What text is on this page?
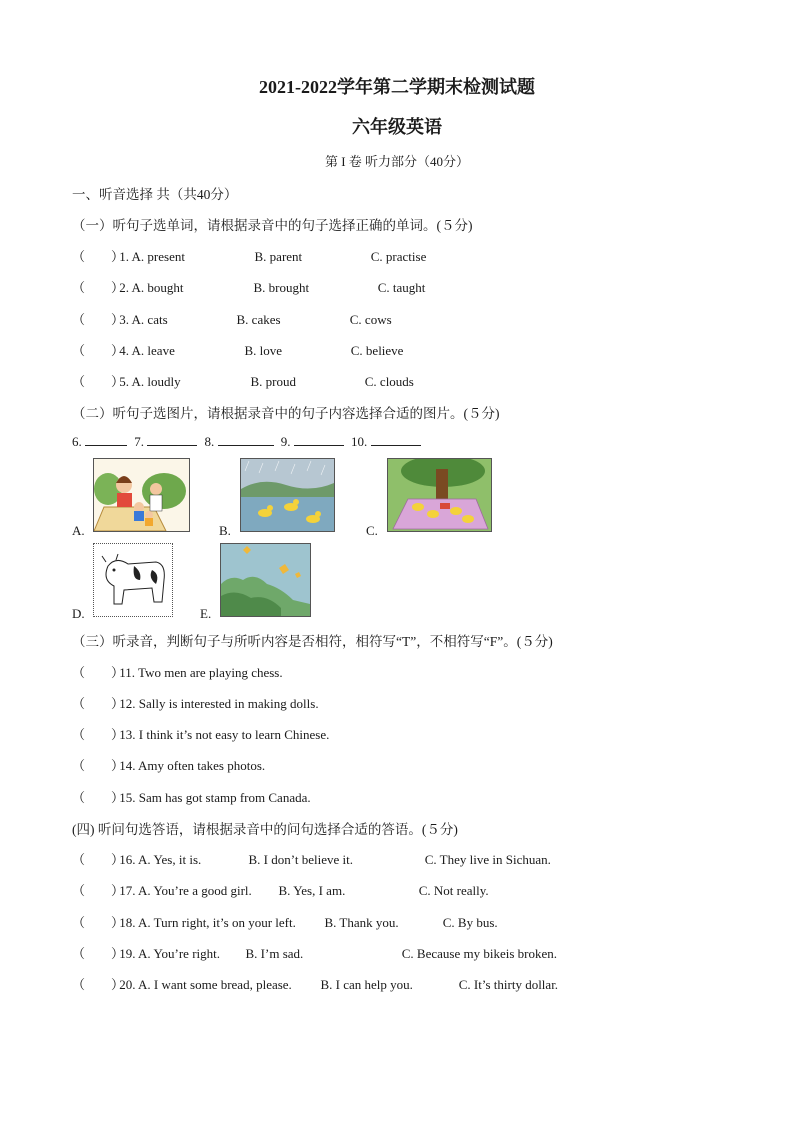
2021-2022学年第二学期末检测试题
六年级英语
第 I 卷 听力部分（40分）
一、听音选择 共（共40分）
（一）听句子选单词，请根据录音中的句子选择正确的单词。(５分)
（　　） 1. A. present	B. parent	C. practise
（　　） 2. A. bought	B. brought	C. taught
（　　） 3. A. cats	B. cakes	C. cows
（　　） 4. A. leave	B. love	C. believe
（　　） 5. A. loudly	B. proud	C. clouds
（二）听句子选图片，请根据录音中的句子内容选择合适的图片。(５分)
6.	7.	8.	9.	10.
A.	B.	C.
D.	E.
（三）听录音，判断句子与所听内容是否相符，相符写“T”，不相符写“F”。(５分)
（　　） 11. Two men are playing chess.
（　　） 12. Sally is interested in making dolls.
（　　） 13. I think it’s not easy to learn Chinese.
（　　） 14. Amy often takes photos.
（　　） 15. Sam has got stamp from Canada.
(四) 听问句选答语，请根据录音中的问句选择合适的答语。(５分)
（　　） 16. A. Yes, it is.	B. I don’t believe it.	C. They live in Sichuan.
（　　） 17. A. You’re a good girl. B. Yes, I am.	C. Not really.
（　　） 18. A. Turn right, it’s on your left. B. Thank you.	C. By bus.
（　　） 19. A. You’re right. B. I’m sad.	C. Because my bikeis broken.
（　　） 20. A. I want some bread, please. B. I can help you.	C. It’s thirty dollar.
